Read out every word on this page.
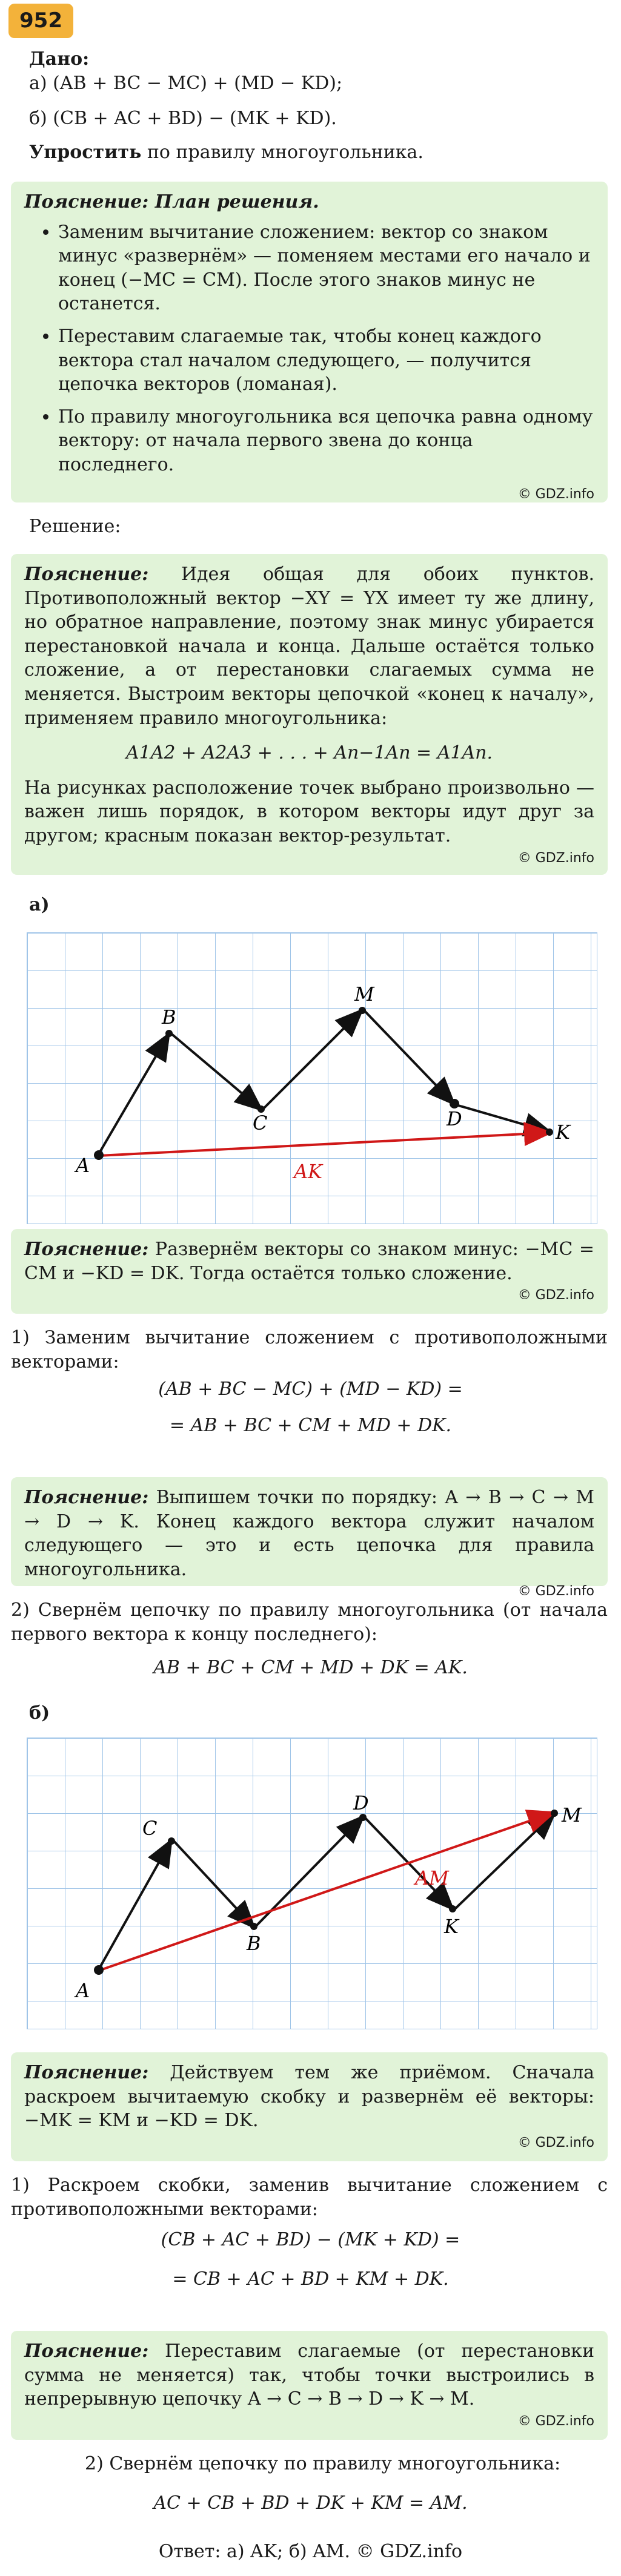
952
Дано:
а) (AB + BC − MC) + (MD − KD);
б) (CB + AC + BD) − (MK + KD).
Упростить по правилу многоугольника.
Пояснение: План решения.
• Заменим вычитание сложением: вектор со знаком минус «развернём» — поменяем местами его начало и конец (−MC = CM). После этого знаков минус не останется.
• Переставим слагаемые так, чтобы конец каждого вектора стал началом следующего, — получится цепочка векторов (ломаная).
• По правилу многоугольника вся цепочка равна одному вектору: от начала первого звена до конца последнего.
© GDZ.info
Решение:
Пояснение: Идея общая для обоих пунктов. Противоположный вектор −XY = YX имеет ту же длину, но обратное направление, поэтому знак минус убирается перестановкой начала и конца. Дальше остаётся только сложение, а от перестановки слагаемых сумма не меняется. Выстроим векторы цепочкой «конец к началу», применяем правило многоугольника:
A1A2 + A2A3 + . . . + An−1An = A1An.
На рисунках расположение точек выбрано произвольно — важен лишь порядок, в котором векторы идут друг за другом; красным показан вектор-результат.
© GDZ.info
а)
A
B
C
M
D
K
AK
Пояснение: Развернём векторы со знаком минус: −MC = CM и −KD = DK. Тогда остаётся только сложение.
© GDZ.info
1) Заменим вычитание сложением с противоположными векторами:
(AB + BC − MC) + (MD − KD) =
= AB + BC + CM + MD + DK.
Пояснение: Выпишем точки по порядку: A → B → C → M → D → K. Конец каждого вектора служит началом следующего — это и есть цепочка для правила многоугольника.
© GDZ.info
2) Свернём цепочку по правилу многоугольника (от начала первого вектора к концу последнего):
AB + BC + CM + MD + DK = AK.
б)
A
C
B
D
K
M
AM
Пояснение: Действуем тем же приёмом. Сначала раскроем вычитаемую скобку и развернём её векторы: −MK = KM и −KD = DK.
© GDZ.info
1) Раскроем скобки, заменив вычитание сложением с противоположными векторами:
(CB + AC + BD) − (MK + KD) =
= CB + AC + BD + KM + DK.
Пояснение: Переставим слагаемые (от перестановки сумма не меняется) так, чтобы точки выстроились в непрерывную цепочку A → C → B → D → K → M.
© GDZ.info
2) Свернём цепочку по правилу многоугольника:
AC + CB + BD + DK + KM = AM.
Ответ: а) AK; б) AM. © GDZ.info
